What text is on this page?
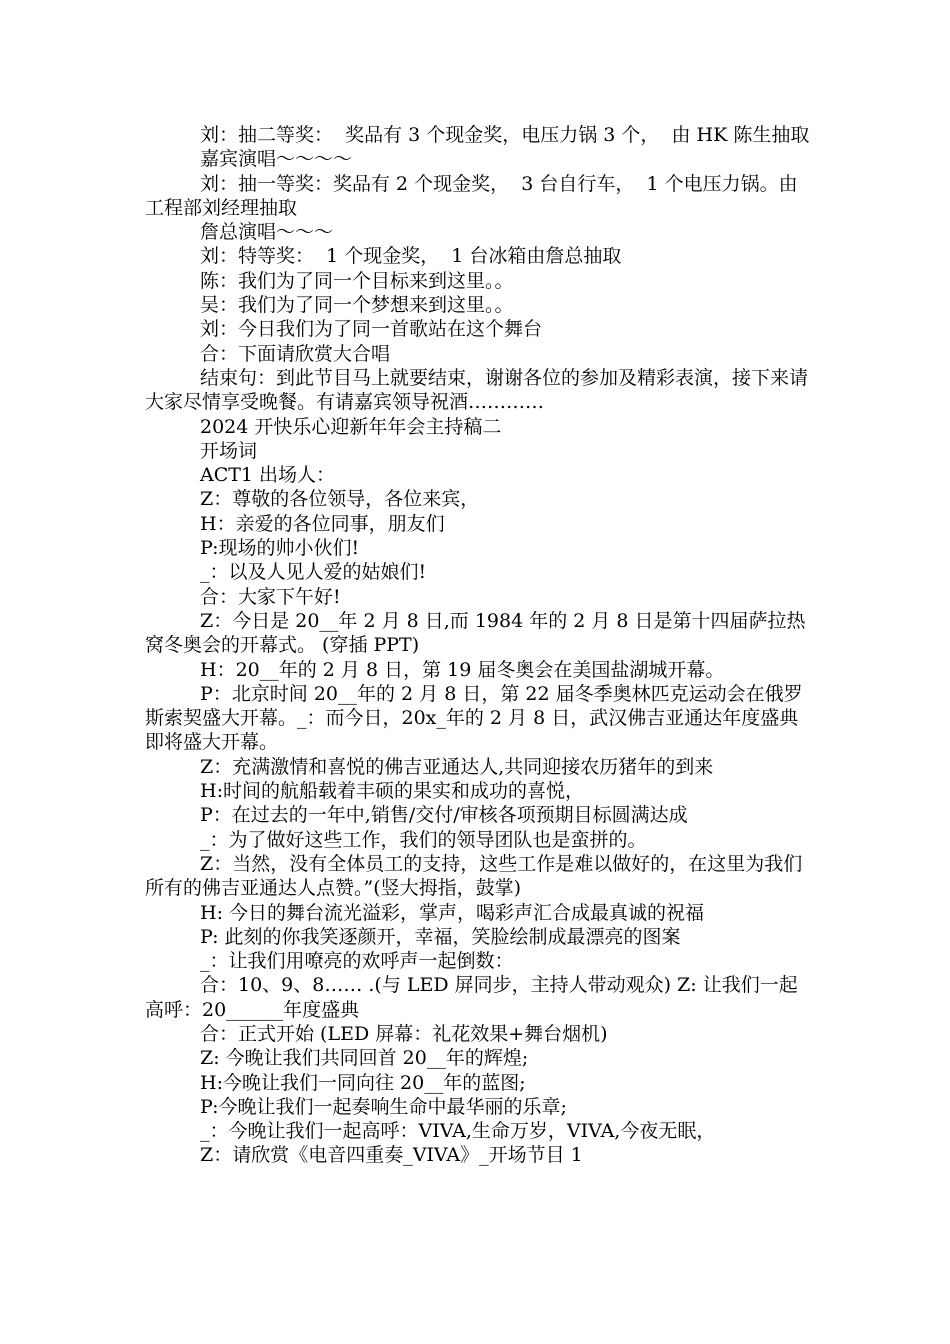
刘：抽二等奖：  奖品有 3 个现金奖，电压力锅 3 个，  由 HK 陈生抽取

嘉宾演唱～～～～

刘：抽一等奖：奖品有 2 个现金奖，  3 台自行车，  1 个电压力锅。由工程部刘经理抽取

詹总演唱～～～

刘：特等奖：  1 个现金奖，  1 台冰箱由詹总抽取

陈：我们为了同一个目标来到这里。。

吴：我们为了同一个梦想来到这里。。

刘：今日我们为了同一首歌站在这个舞台

合：下面请欣赏大合唱

结束句：到此节目马上就要结束，谢谢各位的参加及精彩表演，接下来请大家尽情享受晚餐。有请嘉宾领导祝酒…………

2024 开快乐心迎新年年会主持稿二

开场词

ACT1 出场人：

Z：尊敬的各位领导，各位来宾，

H：亲爱的各位同事，朋友们

P:现场的帅小伙们!

_：以及人见人爱的姑娘们!

合：大家下午好!

Z：今日是 20__年 2 月 8 日,而 1984 年的 2 月 8 日是第十四届萨拉热窝冬奥会的开幕式。 (穿插 PPT)

H：20__年的 2 月 8 日，第 19 届冬奥会在美国盐湖城开幕。

P：北京时间 20__年的 2 月 8 日，第 22 届冬季奥林匹克运动会在俄罗斯索契盛大开幕。_：而今日，20x_年的 2 月 8 日，武汉佛吉亚通达年度盛典即将盛大开幕。

Z：充满激情和喜悦的佛吉亚通达人,共同迎接农历猪年的到来

H:时间的航船载着丰硕的果实和成功的喜悦，

P：在过去的一年中,销售/交付/审核各项预期目标圆满达成

_：为了做好这些工作，我们的领导团队也是蛮拼的。

Z：当然，没有全体员工的支持，这些工作是难以做好的，在这里为我们所有的佛吉亚通达人点赞。”(竖大拇指，鼓掌)

H: 今日的舞台流光溢彩，掌声，喝彩声汇合成最真诚的祝福

P: 此刻的你我笑逐颜开，幸福，笑脸绘制成最漂亮的图案

_：让我们用嘹亮的欢呼声一起倒数：

合：10、9、8…… .(与 LED 屏同步，主持人带动观众) Z: 让我们一起高呼：20______年度盛典

合：正式开始 (LED 屏幕：礼花效果+舞台烟机)

Z: 今晚让我们共同回首 20__年的辉煌;

H:今晚让我们一同向往 20__年的蓝图;

P:今晚让我们一起奏响生命中最华丽的乐章;

_：今晚让我们一起高呼：VIVA,生命万岁，VIVA,今夜无眠，

Z：请欣赏《电音四重奏_VIVA》_开场节目 1
